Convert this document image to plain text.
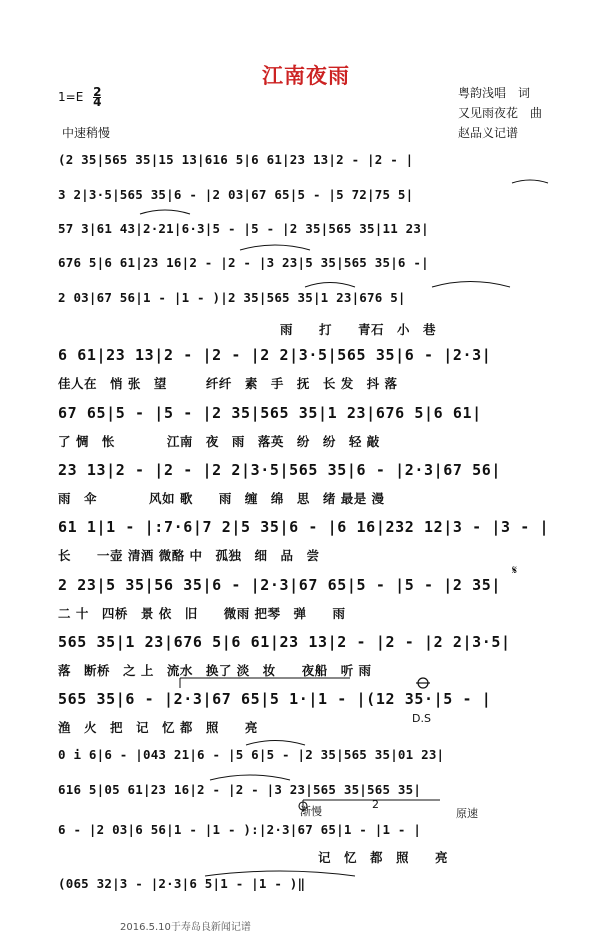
江南夜雨
$1=E \frac{2}{4}$
中速稍慢
粤韵浅唱　词
又见雨夜花　曲
赵品义记谱
(2 35|565 35|15 13|616 5|6 61|23 13|2 - |2 - |
3 2|3·5|565 35|6 - |2 03|67 65|5 - |5 72|75 5|
57 3|61 43|2·21|6·3|5 - |5 - |2 35|565 35|11 23|
676 5|6 61|23 16|2 - |2 - |3 23|5 35|565 35|6 -|
2 03|67 56|1 - |1 - )|2 35|565 35|1 23|676 5|
雨　　打　　青石　小　巷
6 61|23 13|2 - |2 - |2 2|3·5|565 35|6 - |2·3|
佳人在　悄 张　望　　　纤纤　素　手　抚　长 发　抖 落
67 65|5 - |5 - |2 35|565 35|1 23|676 5|6 61|
了 惆　怅　　　　江南　夜　雨　落英　纷　纷　轻 敲
23 13|2 - |2 - |2 2|3·5|565 35|6 - |2·3|67 56|
雨　伞　　　　风如 歌　　雨　缠　绵　思　绪 最是 漫
61 1|1 - |:7·6|7 2|5 35|6 - |6 16|232 12|3 - |3 - |
长　　一壶 清酒 微酪 中　孤独　细　品　尝
2 23|5 35|56 35|6 - |2·3|67 65|5 - |5 - |2 35|
二 十　四桥　景 依　旧　　微雨 把琴　弹　　雨
565 35|1 23|676 5|6 61|23 13|2 - |2 - |2 2|3·5|
落　断桥　之 上　流水　换了 淡　妆　　夜船　听 雨
565 35|6 - |2·3|67 65|5 1·|1 - |(12 35·|5 - |
D.S
渔　火　把　记　忆 都　照　　亮
0 i 6|6 - |043 21|6 - |5 6|5 - |2 35|565 35|01 23|
616 5|05 61|23 16|2 - |2 - |3 23|565 35|565 35|
渐慢
2
原速
6 - |2 03|6 56|1 - |1 - ):|2·3|67 65|1 - |1 - |
记　忆　都　照　　亮
(065 32|3 - |2·3|6 5|1 - |1 - )‖
𝄋
2016.5.10于寿岛良新闻记谱
